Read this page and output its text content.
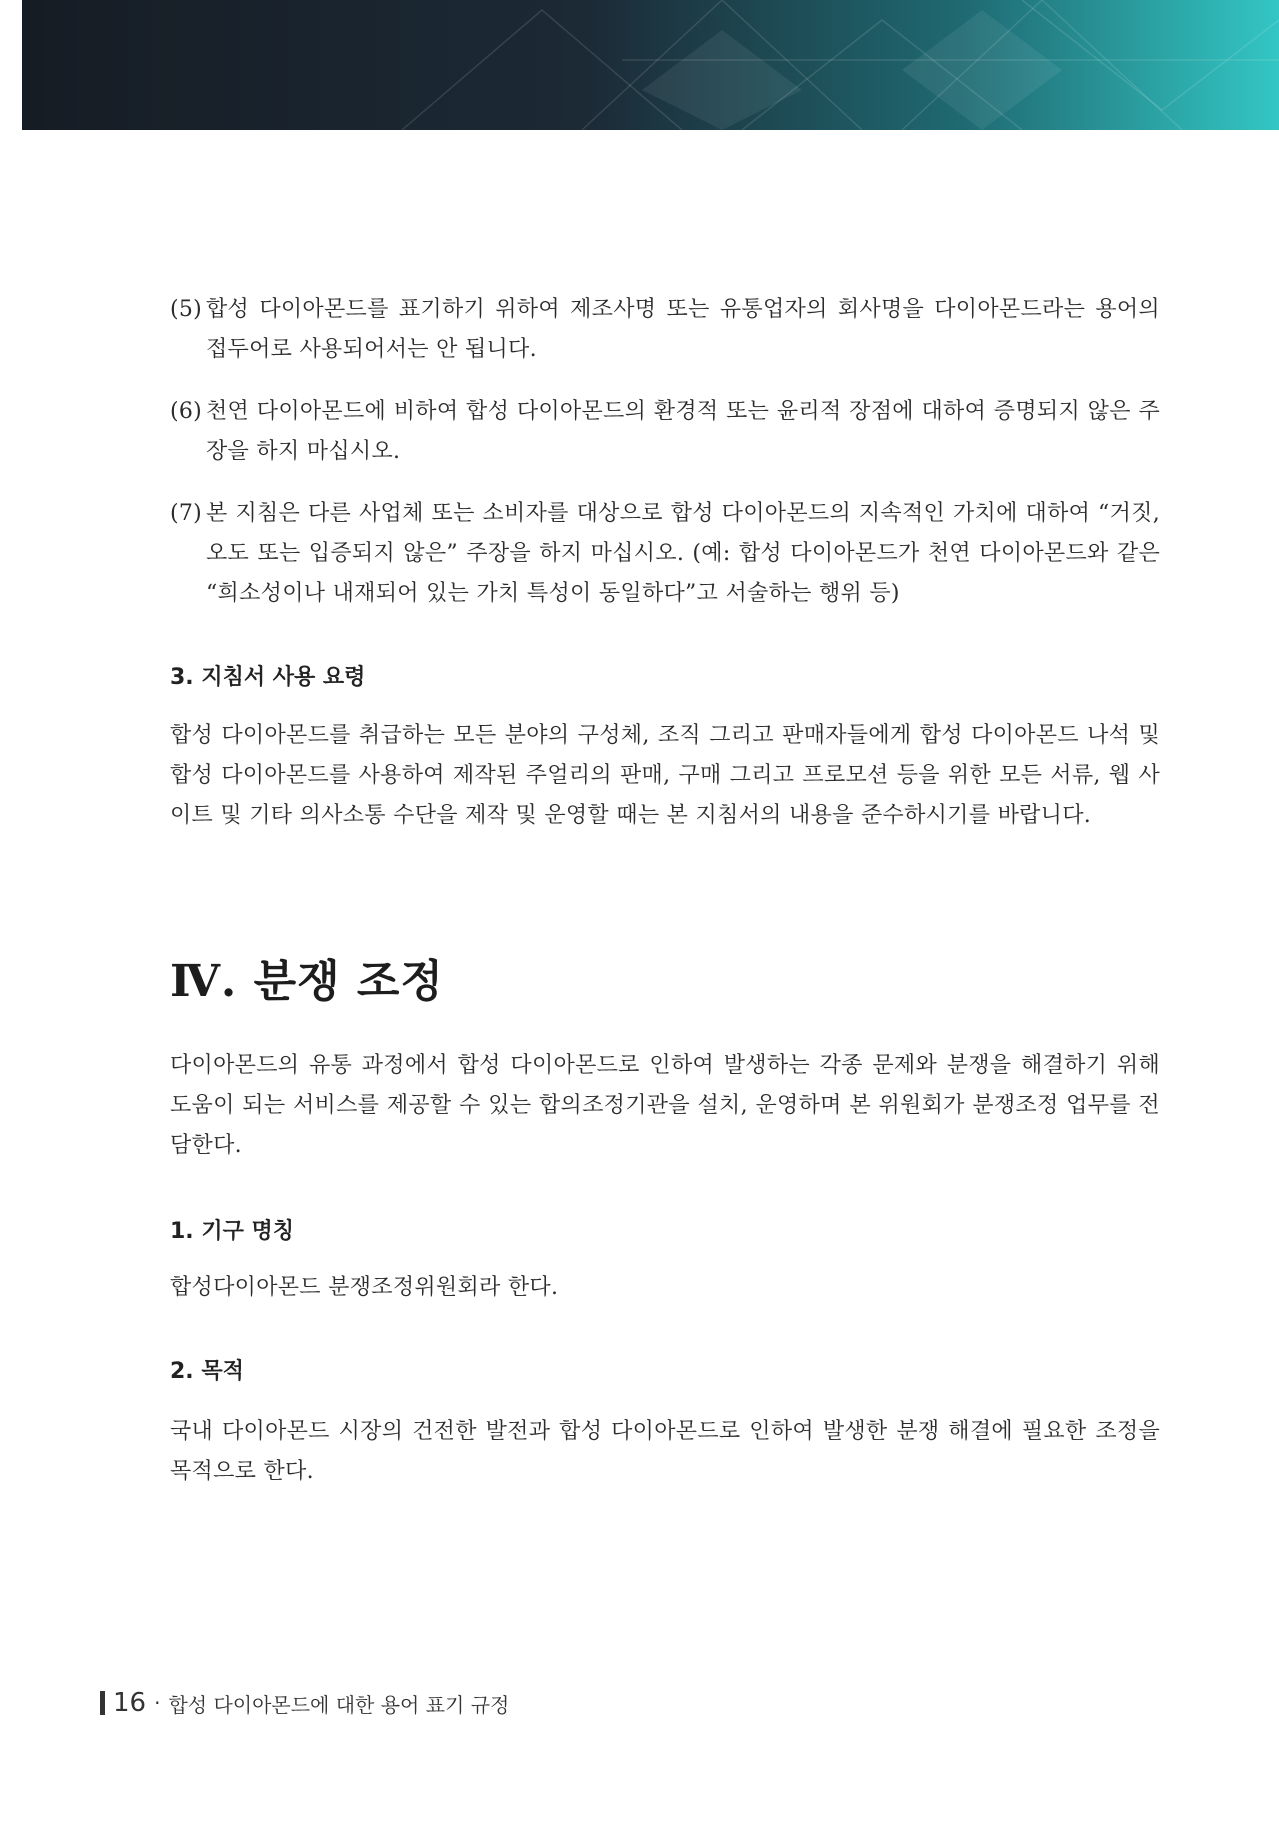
(5) 합성 다이아몬드를 표기하기 위하여 제조사명 또는 유통업자의 회사명을 다이아몬드라는 용어의 접두어로 사용되어서는 안 됩니다.
(6) 천연 다이아몬드에 비하여 합성 다이아몬드의 환경적 또는 윤리적 장점에 대하여 증명되지 않은 주장을 하지 마십시오.
(7) 본 지침은 다른 사업체 또는 소비자를 대상으로 합성 다이아몬드의 지속적인 가치에 대하여 “거짓, 오도 또는 입증되지 않은” 주장을 하지 마십시오. (예: 합성 다이아몬드가 천연 다이아몬드와 같은 “희소성이나 내재되어 있는 가치 특성이 동일하다”고 서술하는 행위 등)
3. 지침서 사용 요령

합성 다이아몬드를 취급하는 모든 분야의 구성체, 조직 그리고 판매자들에게 합성 다이아몬드 나석 및 합성 다이아몬드를 사용하여 제작된 주얼리의 판매, 구매 그리고 프로모션 등을 위한 모든 서류, 웹 사이트 및 기타 의사소통 수단을 제작 및 운영할 때는 본 지침서의 내용을 준수하시기를 바랍니다.

Ⅳ. 분쟁 조정

다이아몬드의 유통 과정에서 합성 다이아몬드로 인하여 발생하는 각종 문제와 분쟁을 해결하기 위해 도움이 되는 서비스를 제공할 수 있는 합의조정기관을 설치, 운영하며 본 위원회가 분쟁조정 업무를 전담한다.

1. 기구 명칭

합성다이아몬드 분쟁조정위원회라 한다.

2. 목적

국내 다이아몬드 시장의 건전한 발전과 합성 다이아몬드로 인하여 발생한 분쟁 해결에 필요한 조정을 목적으로 한다.

16 · 합성 다이아몬드에 대한 용어 표기 규정
